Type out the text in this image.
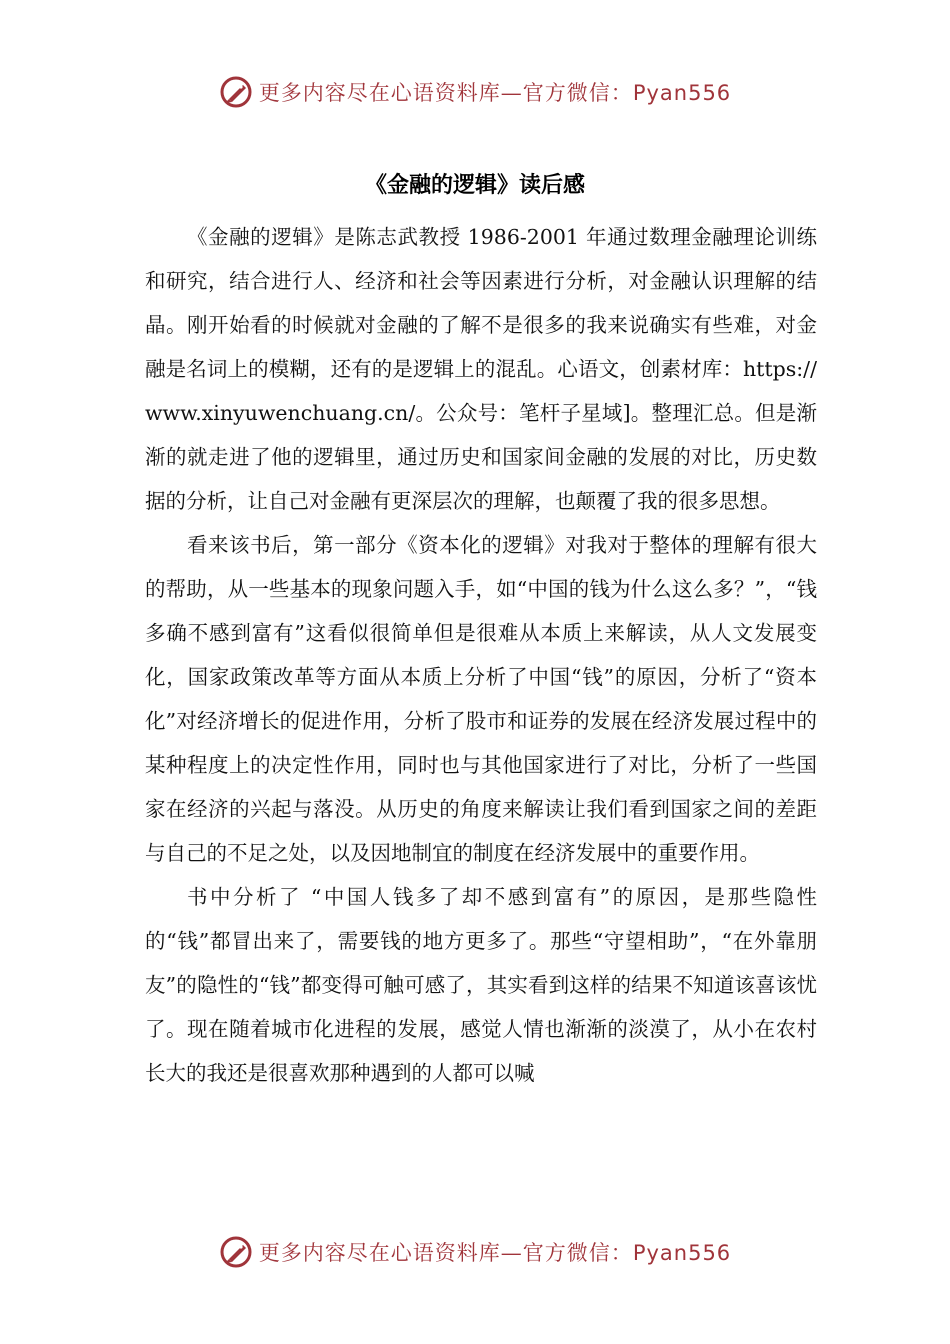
更多内容尽在心语资料库—官方微信：Pyan556
《金融的逻辑》读后感

《金融的逻辑》是陈志武教授 1986-2001 年通过数理金融理论训练和研究，结合进行人、经济和社会等因素进行分析，对金融认识理解的结晶。刚开始看的时候就对金融的了解不是很多的我来说确实有些难，对金融是名词上的模糊，还有的是逻辑上的混乱。心语文，创素材库：https://www.xinyuwenchuang.cn/。公众号：笔杆子星域]。整理汇总。但是渐渐的就走进了他的逻辑里，通过历史和国家间金融的发展的对比，历史数据的分析，让自己对金融有更深层次的理解，也颠覆了我的很多思想。

看来该书后，第一部分《资本化的逻辑》对我对于整体的理解有很大的帮助，从一些基本的现象问题入手，如“中国的钱为什么这么多？”，“钱多确不感到富有”这看似很简单但是很难从本质上来解读，从人文发展变化，国家政策改革等方面从本质上分析了中国“钱”的原因，分析了“资本化”对经济增长的促进作用，分析了股市和证券的发展在经济发展过程中的某种程度上的决定性作用，同时也与其他国家进行了对比，分析了一些国家在经济的兴起与落没。从历史的角度来解读让我们看到国家之间的差距与自己的不足之处，以及因地制宜的制度在经济发展中的重要作用。

书中分析了 “中国人钱多了却不感到富有”的原因，是那些隐性的“钱”都冒出来了，需要钱的地方更多了。那些“守望相助”，“在外靠朋友”的隐性的“钱”都变得可触可感了，其实看到这样的结果不知道该喜该忧了。现在随着城市化进程的发展，感觉人情也渐渐的淡漠了，从小在农村长大的我还是很喜欢那种遇到的人都可以喊

更多内容尽在心语资料库—官方微信：Pyan556
